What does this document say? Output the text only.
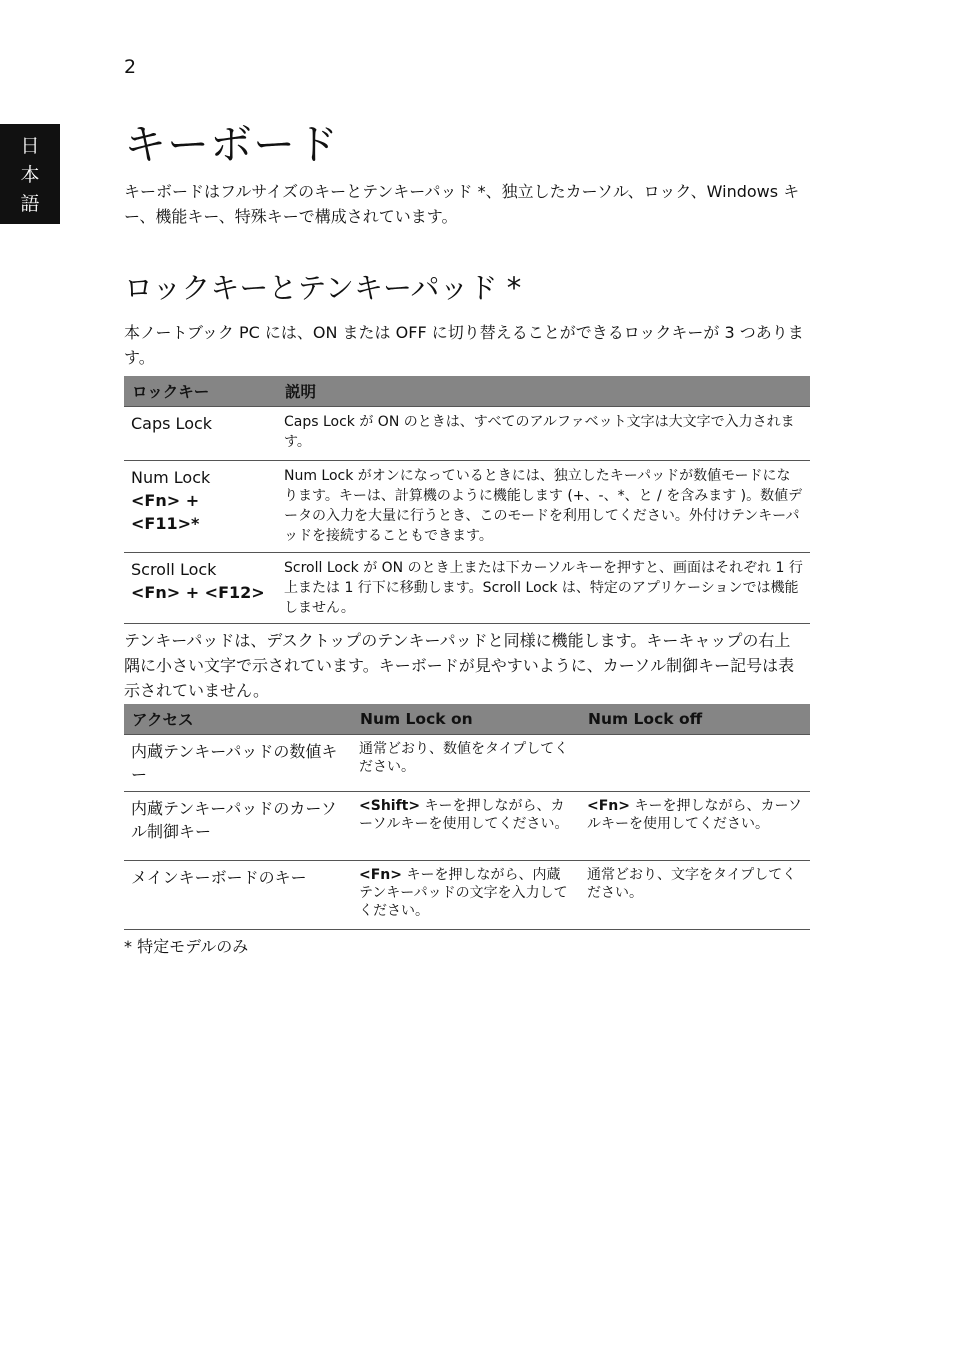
2
日
本
語
キーボード

キーボードはフルサイズのキーとテンキーパッド *、独立したカーソル、ロック、Windows キー、機能キー、特殊キーで構成されています。

ロックキーとテンキーパッド *

本ノートブック PC には、ON または OFF に切り替えることができるロックキーが 3 つあります。

ロックキー	説明
Caps Lock	Caps Lock が ON のときは、すべてのアルファベット文字は大文字で入力されます。

Num Lock
<Fn> + <F11>*	Num Lock がオンになっているときには、独立したキーパッドが数値モードになります。キーは、計算機のように機能します (+、-、*、と / を含みます )。数値データの入力を大量に行うとき、このモードを利用してください。外付けテンキーパッドを接続することもできます。

Scroll Lock
<Fn> + <F12>	Scroll Lock が ON のとき上または下カーソルキーを押すと、画面はそれぞれ 1 行上または 1 行下に移動します。Scroll Lock は、特定のアプリケーションでは機能しません。

テンキーパッドは、デスクトップのテンキーパッドと同様に機能します。キーキャップの右上隅に小さい文字で示されています。キーボードが見やすいように、カーソル制御キー記号は表示されていません。

アクセス	Num Lock on	Num Lock off
内蔵テンキーパッドの数値キー	通常どおり、数値をタイプしてください。	
内蔵テンキーパッドのカーソル制御キー	<Shift> キーを押しながら、カーソルキーを使用してください。	<Fn> キーを押しながら、カーソルキーを使用してください。
メインキーボードのキー	<Fn> キーを押しながら、内蔵テンキーパッドの文字を入力してください。	通常どおり、文字をタイプしてください。

* 特定モデルのみ
